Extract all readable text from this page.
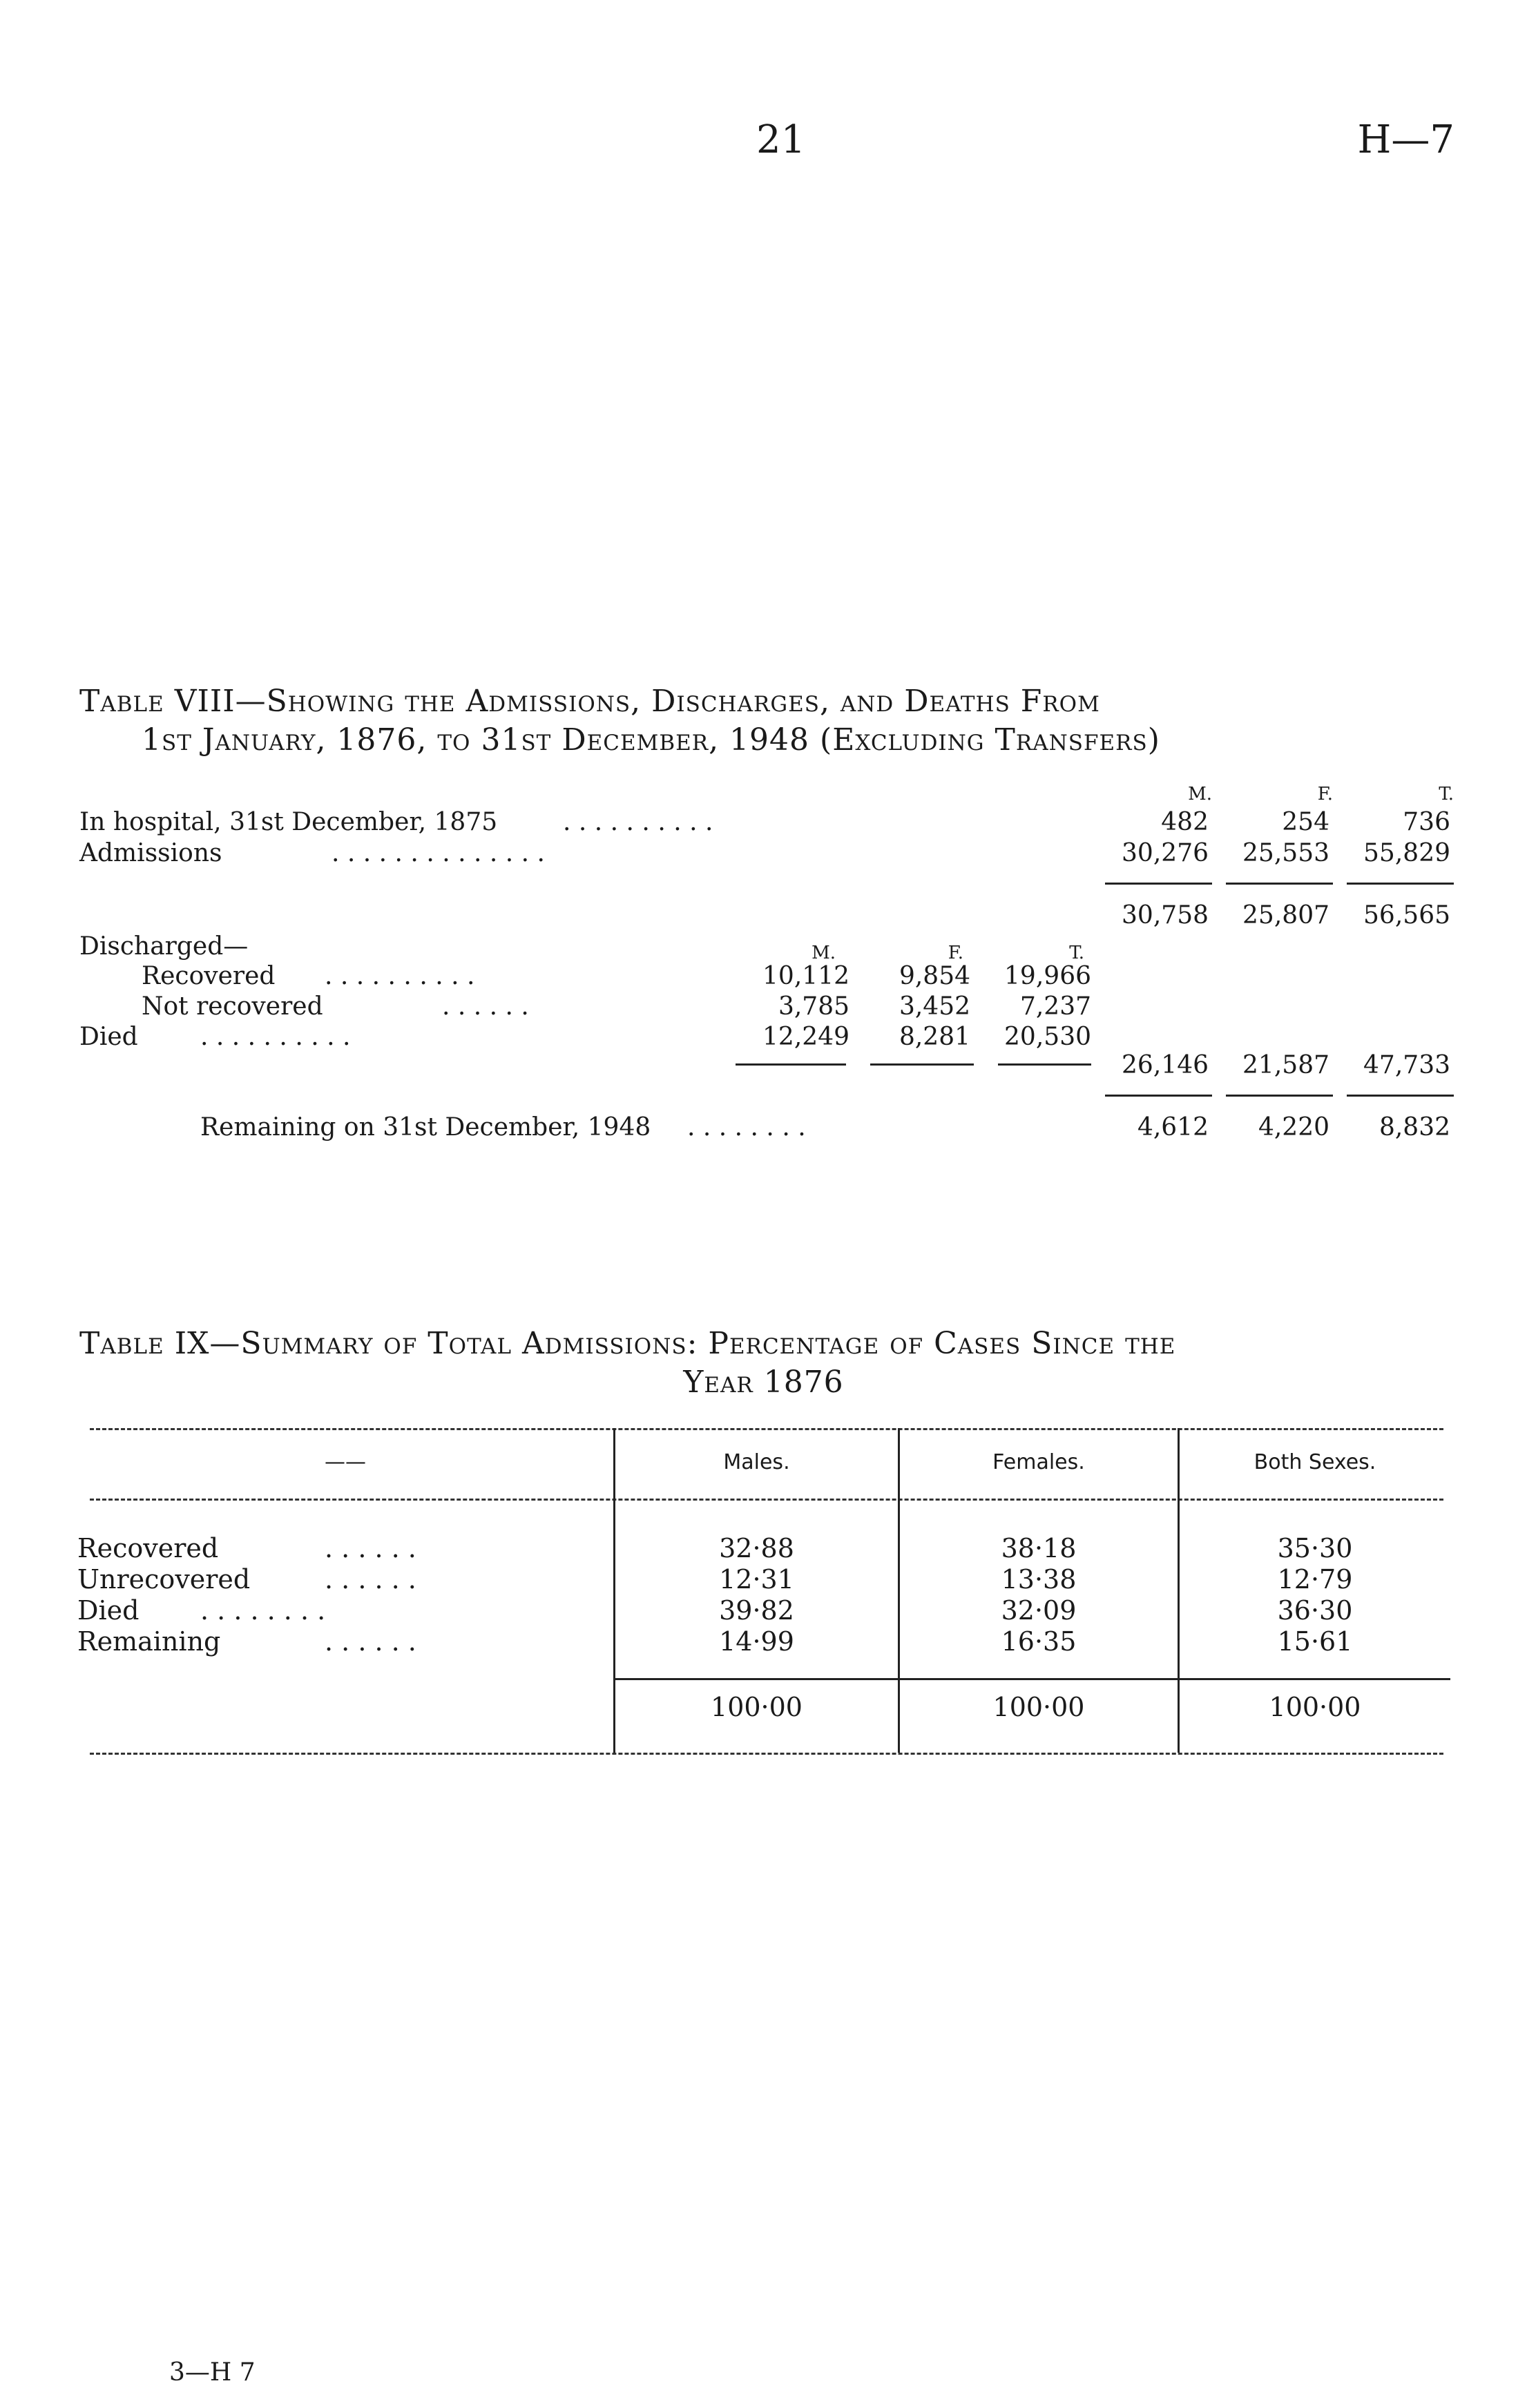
21	H—7
Table VIII—Showing the Admissions, Discharges, and Deaths From
1st January, 1876, to 31st December, 1948 (Excluding Transfers)
M.	F.	T.
In hospital, 31st December, 1875	. . . . . . . . . .	482	254	736
Admissions	. . . . . . . . . . . . . .	30,276	25,553	55,829
30,758	25,807	56,565
Discharged—	M.	F.	T.
Recovered . . . . . . . . . .	10,112	9,854	19,966
Not recovered	. . . . . .	3,785	3,452	7,237
Died	. . . . . . . . . .	12,249	8,281	20,530
26,146	21,587	47,733
Remaining on 31st December, 1948 . . . . . . . .	4,612	4,220	8,832
Table IX—Summary of Total Admissions: Percentage of Cases Since the
Year 1876
——	Males.	Females.	Both Sexes.
Recovered	. . . . . .	32·88	38·18	35·30
Unrecovered	. . . . . .	12·31	13·38	12·79
Died . . . . . . . .	39·82	32·09	36·30
Remaining	. . . . . .	14·99	16·35	15·61
100·00	100·00	100·00
3—H 7
